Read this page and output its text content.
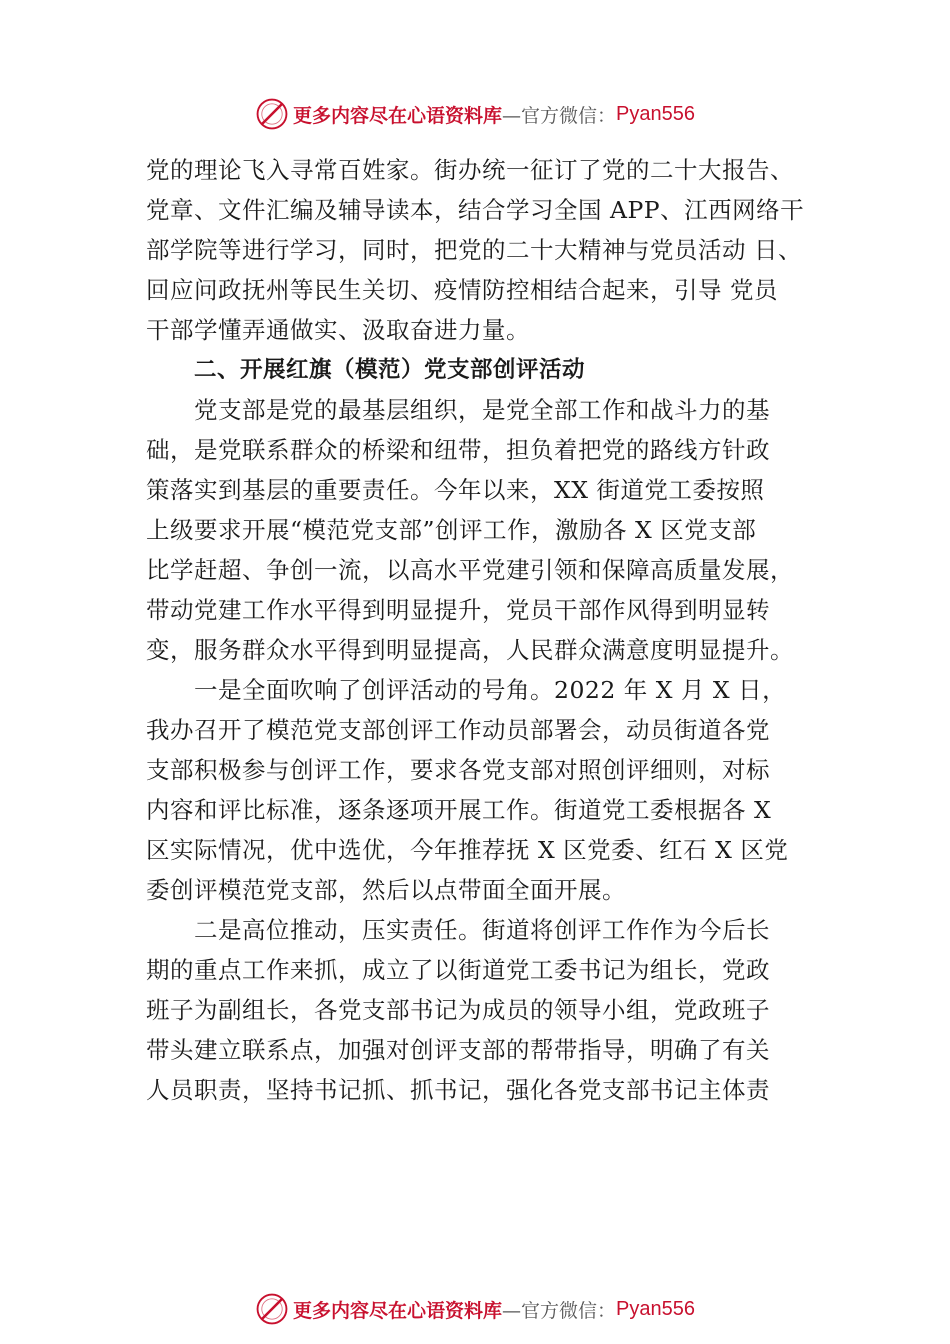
更多内容尽在心语资料库 —官方微信： Pyan556
党的理论飞入寻常百姓家。街办统一征订了党的二十大报告、
党章、文件汇编及辅导读本，结合学习全国 APP、江西网络干
部学院等进行学习，同时，把党的二十大精神与党员活动 日、
回应问政抚州等民生关切、疫情防控相结合起来，引导 党员
干部学懂弄通做实、汲取奋进力量。
二、开展红旗（模范）党支部创评活动
党支部是党的最基层组织，是党全部工作和战斗力的基
础，是党联系群众的桥梁和纽带，担负着把党的路线方针政
策落实到基层的重要责任。今年以来，XX 街道党工委按照
上级要求开展“模范党支部”创评工作，激励各 X 区党支部
比学赶超、争创一流，以高水平党建引领和保障高质量发展，
带动党建工作水平得到明显提升，党员干部作风得到明显转
变，服务群众水平得到明显提高，人民群众满意度明显提升。
一是全面吹响了创评活动的号角。2022 年 X 月 X 日，
我办召开了模范党支部创评工作动员部署会，动员街道各党
支部积极参与创评工作，要求各党支部对照创评细则，对标
内容和评比标准，逐条逐项开展工作。街道党工委根据各 X
区实际情况，优中选优，今年推荐抚 X 区党委、红石 X 区党
委创评模范党支部，然后以点带面全面开展。
二是高位推动，压实责任。街道将创评工作作为今后长
期的重点工作来抓，成立了以街道党工委书记为组长，党政
班子为副组长，各党支部书记为成员的领导小组，党政班子
带头建立联系点，加强对创评支部的帮带指导，明确了有关
人员职责，坚持书记抓、抓书记，强化各党支部书记主体责
更多内容尽在心语资料库 —官方微信： Pyan556
